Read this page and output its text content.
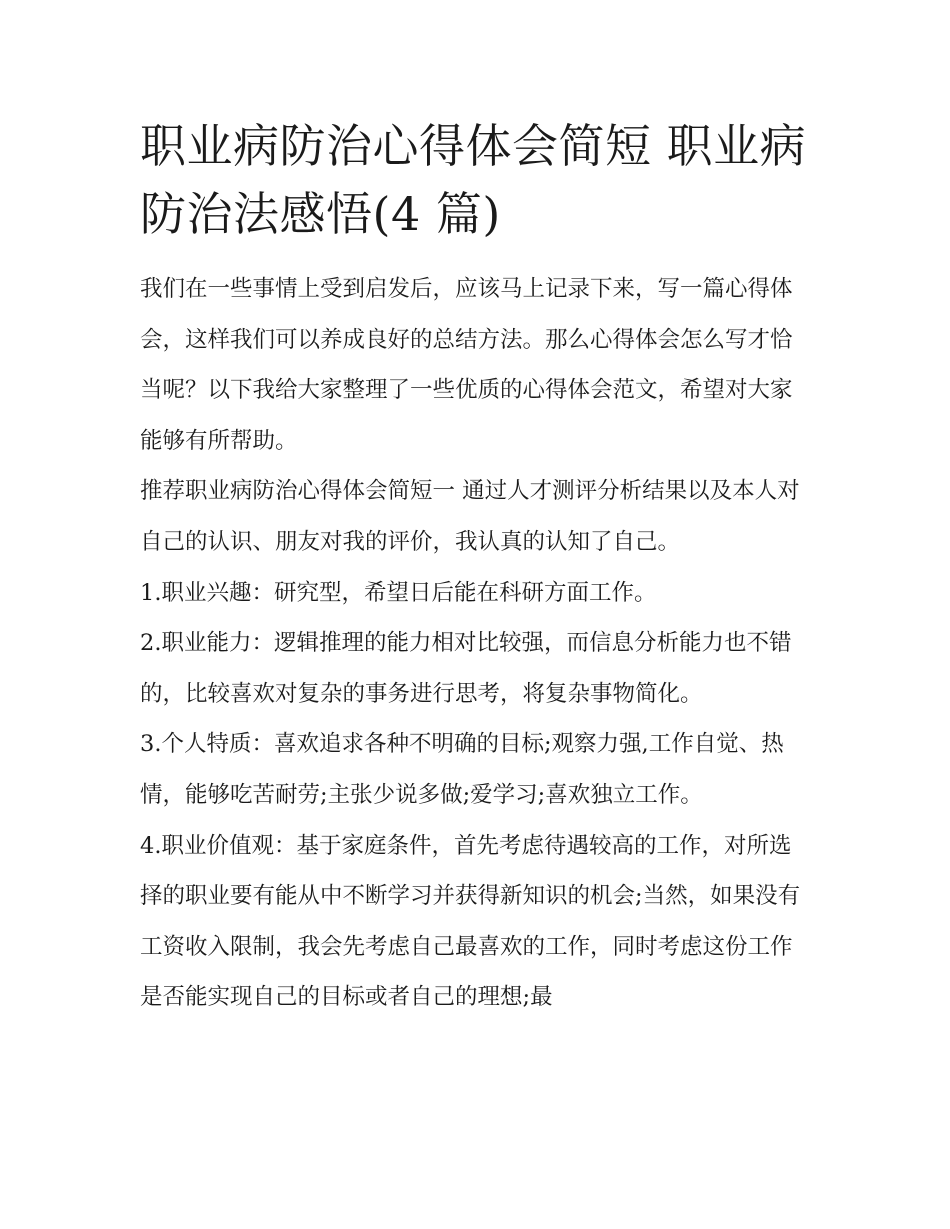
职业病防治心得体会简短 职业病防治法感悟(4 篇)

我们在一些事情上受到启发后，应该马上记录下来，写一篇心得体会，这样我们可以养成良好的总结方法。那么心得体会怎么写才恰当呢？以下我给大家整理了一些优质的心得体会范文，希望对大家能够有所帮助。

推荐职业病防治心得体会简短一 通过人才测评分析结果以及本人对自己的认识、朋友对我的评价，我认真的认知了自己。

1.职业兴趣：研究型，希望日后能在科研方面工作。

2.职业能力：逻辑推理的能力相对比较强，而信息分析能力也不错的，比较喜欢对复杂的事务进行思考，将复杂事物简化。

3.个人特质：喜欢追求各种不明确的目标;观察力强,工作自觉、热情，能够吃苦耐劳;主张少说多做;爱学习;喜欢独立工作。

4.职业价值观：基于家庭条件，首先考虑待遇较高的工作，对所选择的职业要有能从中不断学习并获得新知识的机会;当然，如果没有工资收入限制，我会先考虑自己最喜欢的工作，同时考虑这份工作是否能实现自己的目标或者自己的理想;最
